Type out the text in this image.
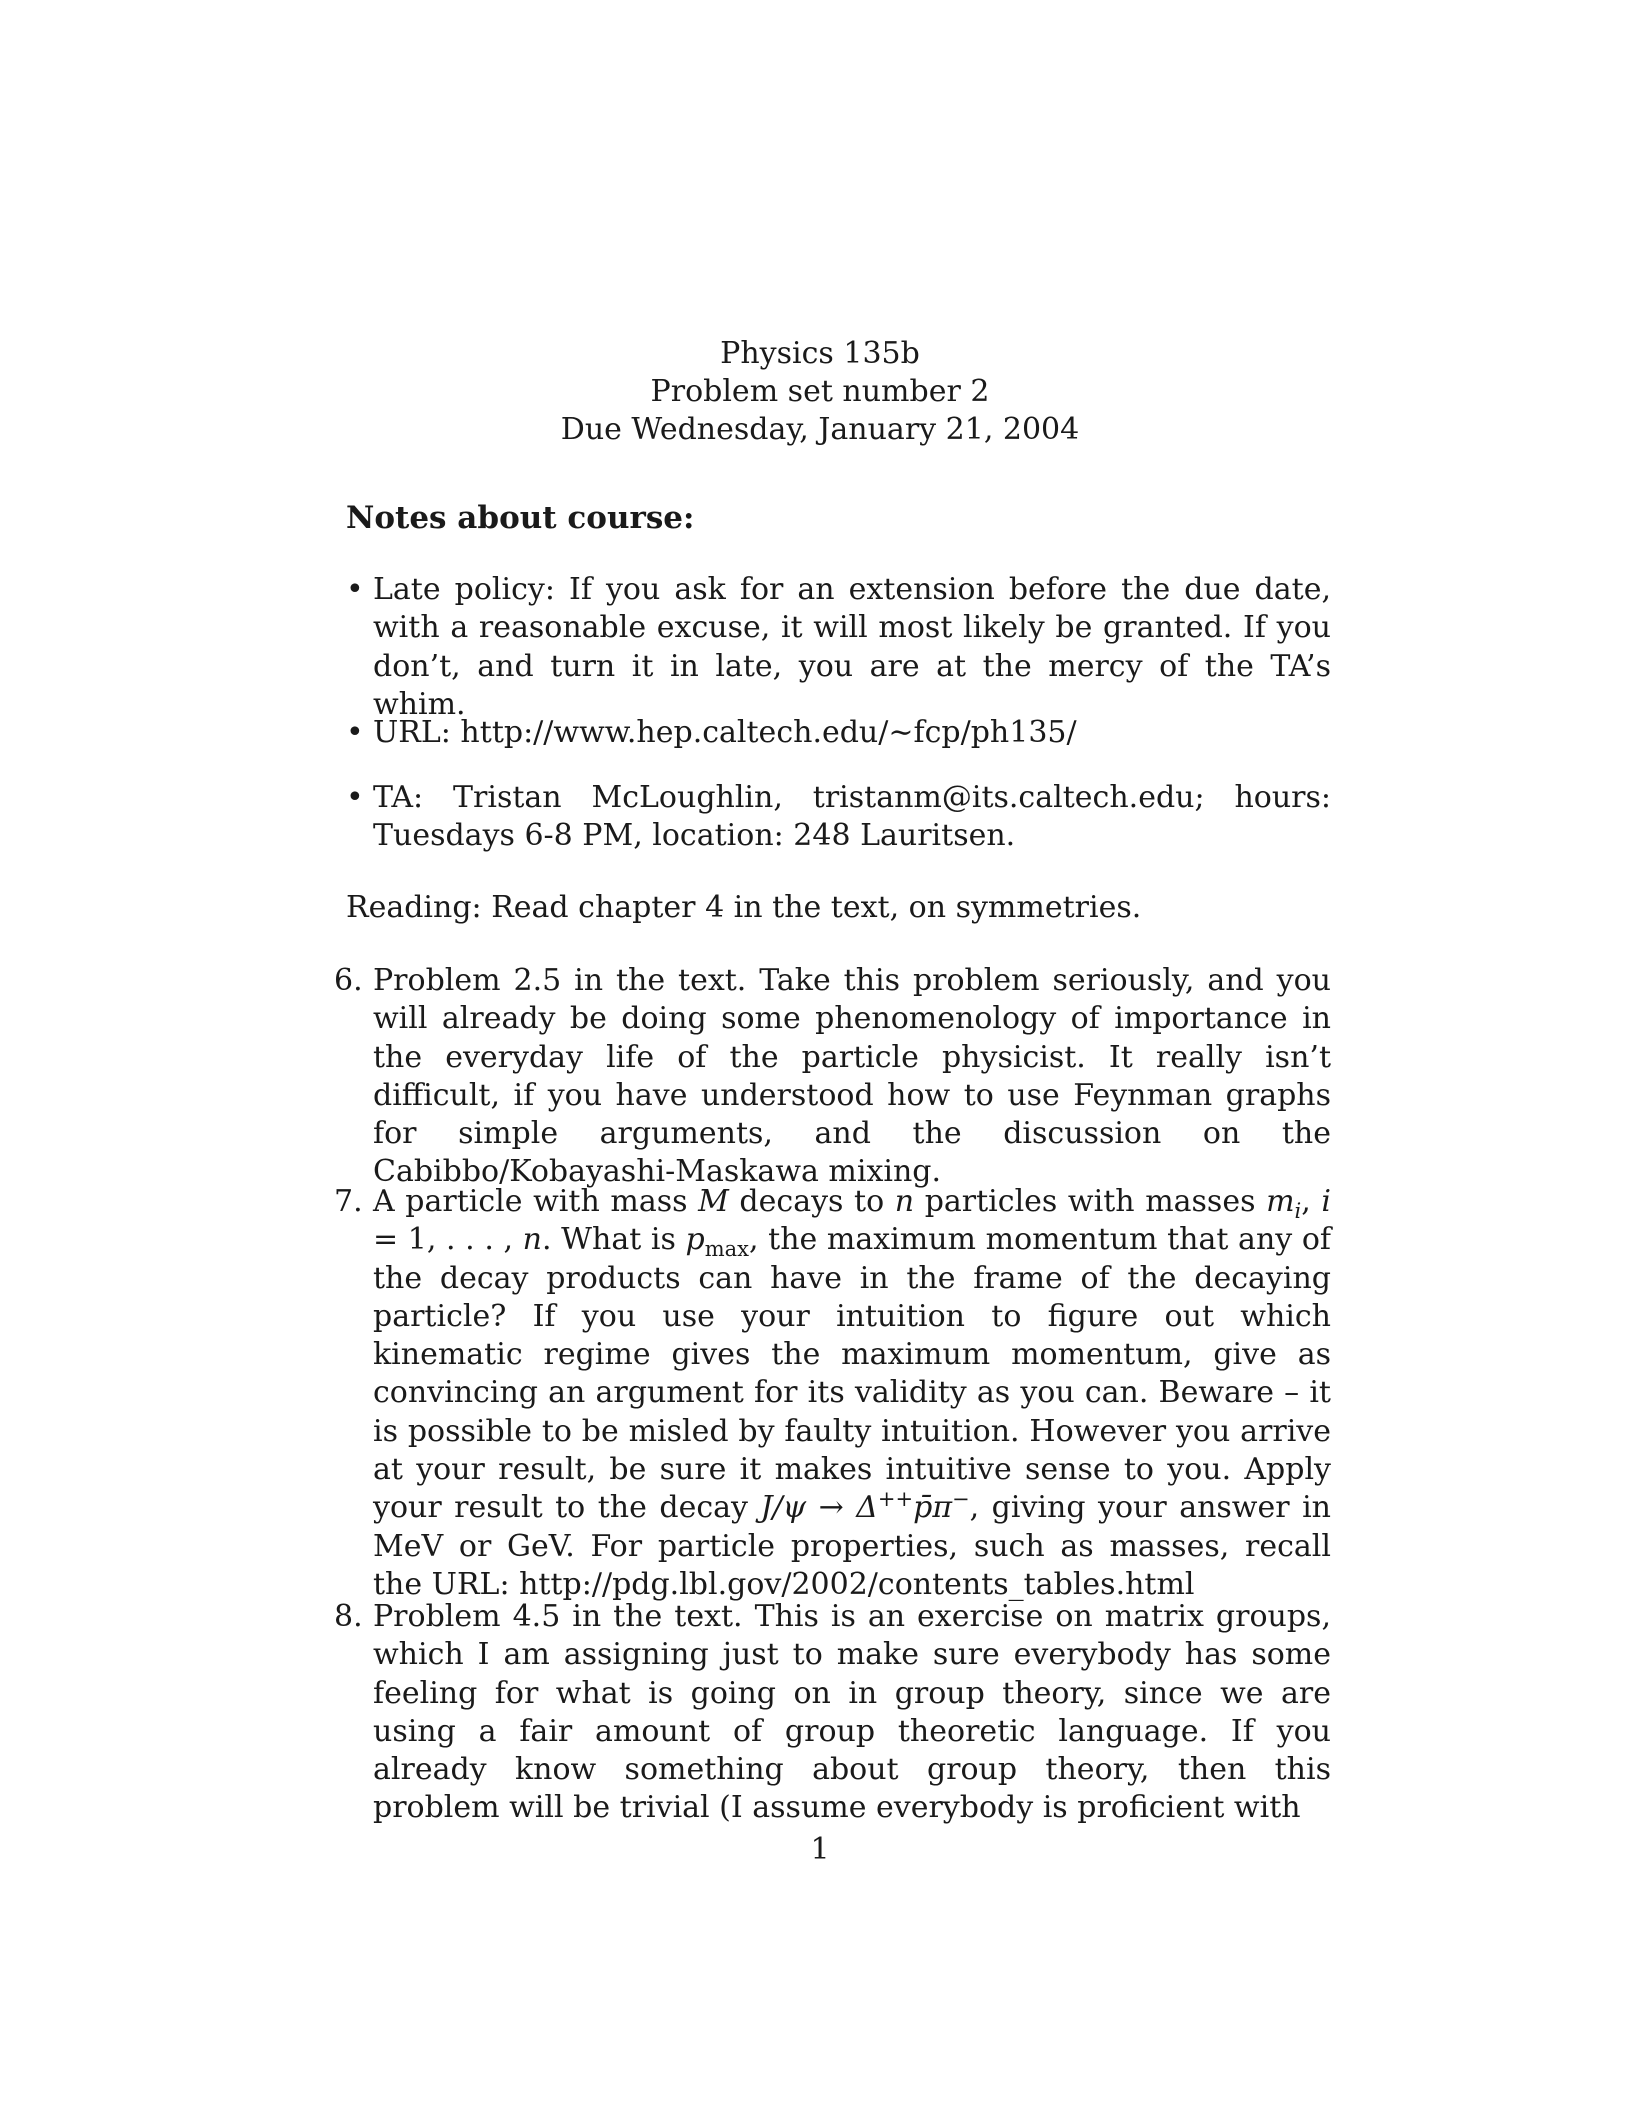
Physics 135b
Problem set number 2
Due Wednesday, January 21, 2004
Notes about course:
• Late policy: If you ask for an extension before the due date, with a reasonable excuse, it will most likely be granted. If you don’t, and turn it in late, you are at the mercy of the TA’s whim.
• URL: http://www.hep.caltech.edu/∼fcp/ph135/
• TA: Tristan McLoughlin, tristanm@its.caltech.edu; hours: Tuesdays 6-8 PM, location: 248 Lauritsen.
Reading: Read chapter 4 in the text, on symmetries.
6. Problem 2.5 in the text. Take this problem seriously, and you will already be doing some phenomenology of importance in the everyday life of the particle physicist. It really isn’t difficult, if you have understood how to use Feynman graphs for simple arguments, and the discussion on the Cabibbo/Kobayashi-Maskawa mixing.
7. A particle with mass M decays to n particles with masses $m_i$, i = 1, . . . , n. What is $p_{max}$, the maximum momentum that any of the decay products can have in the frame of the decaying particle? If you use your intuition to figure out which kinematic regime gives the maximum momentum, give as convincing an argument for its validity as you can. Beware – it is possible to be misled by faulty intuition. However you arrive at your result, be sure it makes intuitive sense to you. Apply your result to the decay J/ψ → Δ++p̄π−, giving your answer in MeV or GeV. For particle properties, such as masses, recall the URL: http://pdg.lbl.gov/2002/contents_tables.html
8. Problem 4.5 in the text. This is an exercise on matrix groups, which I am assigning just to make sure everybody has some feeling for what is going on in group theory, since we are using a fair amount of group theoretic language. If you already know something about group theory, then this problem will be trivial (I assume everybody is proficient with
1
